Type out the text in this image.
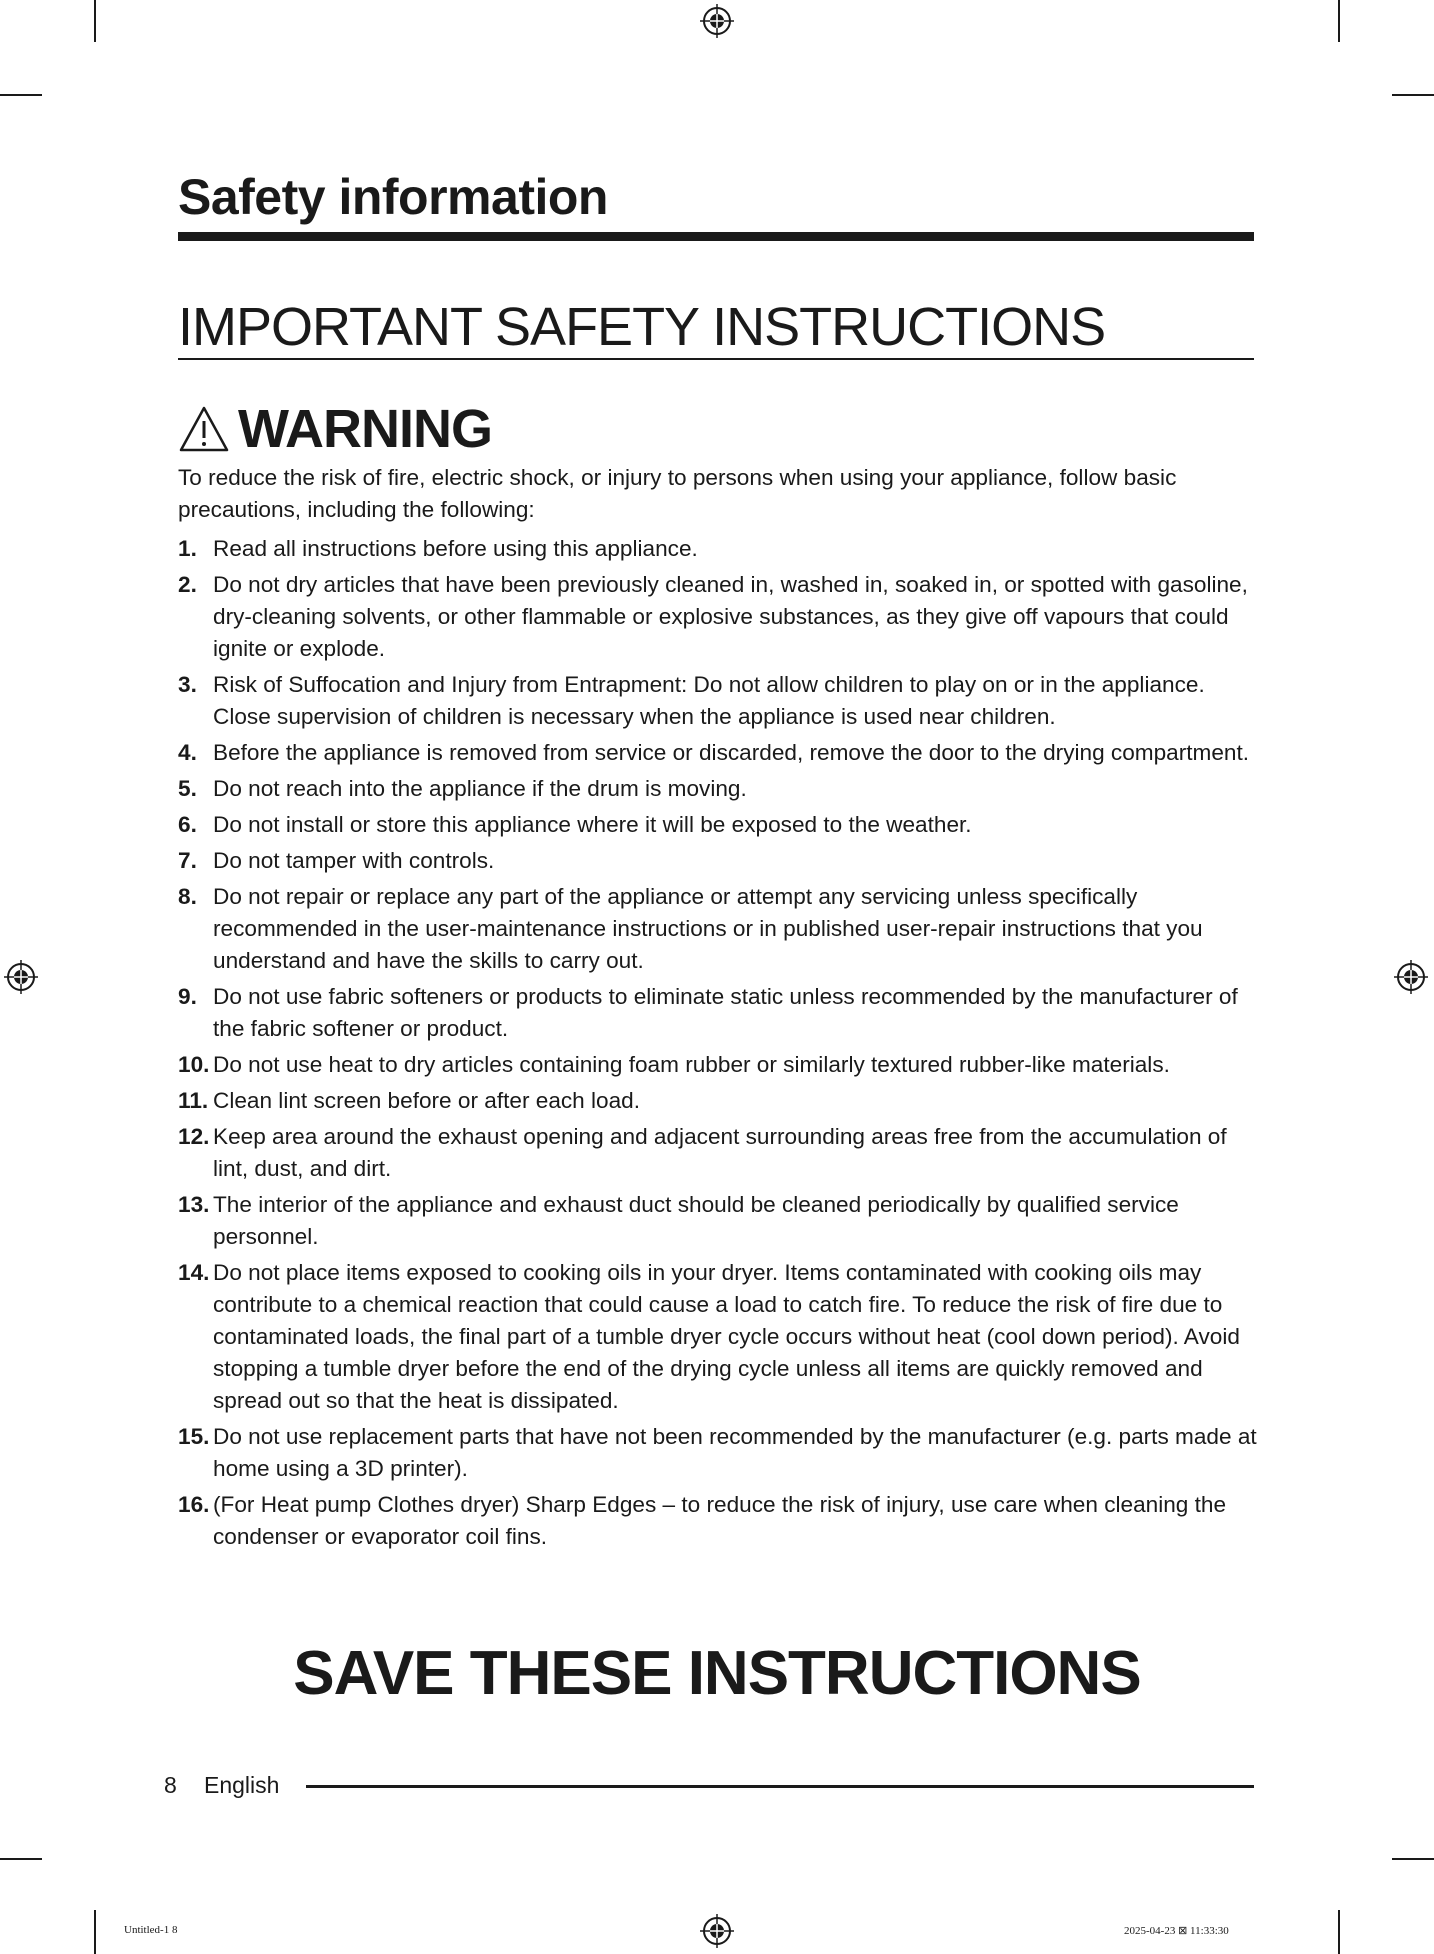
Safety information
IMPORTANT SAFETY INSTRUCTIONS
WARNING
To reduce the risk of fire, electric shock, or injury to persons when using your appliance, follow basic precautions, including the following:
1. Read all instructions before using this appliance.
2. Do not dry articles that have been previously cleaned in, washed in, soaked in, or spotted with gasoline, dry-cleaning solvents, or other flammable or explosive substances, as they give off vapours that could ignite or explode.
3. Risk of Suffocation and Injury from Entrapment: Do not allow children to play on or in the appliance. Close supervision of children is necessary when the appliance is used near children.
4. Before the appliance is removed from service or discarded, remove the door to the drying compartment.
5. Do not reach into the appliance if the drum is moving.
6. Do not install or store this appliance where it will be exposed to the weather.
7. Do not tamper with controls.
8. Do not repair or replace any part of the appliance or attempt any servicing unless specifically recommended in the user-maintenance instructions or in published user-repair instructions that you understand and have the skills to carry out.
9. Do not use fabric softeners or products to eliminate static unless recommended by the manufacturer of the fabric softener or product.
10. Do not use heat to dry articles containing foam rubber or similarly textured rubber-like materials.
11. Clean lint screen before or after each load.
12. Keep area around the exhaust opening and adjacent surrounding areas free from the accumulation of lint, dust, and dirt.
13. The interior of the appliance and exhaust duct should be cleaned periodically by qualified service personnel.
14. Do not place items exposed to cooking oils in your dryer. Items contaminated with cooking oils may contribute to a chemical reaction that could cause a load to catch fire. To reduce the risk of fire due to contaminated loads, the final part of a tumble dryer cycle occurs without heat (cool down period). Avoid stopping a tumble dryer before the end of the drying cycle unless all items are quickly removed and spread out so that the heat is dissipated.
15. Do not use replacement parts that have not been recommended by the manufacturer (e.g. parts made at home using a 3D printer).
16. (For Heat pump Clothes dryer) Sharp Edges – to reduce the risk of injury, use care when cleaning the condenser or evaporator coil fins.
SAVE THESE INSTRUCTIONS
8 English
Untitled-1 8	2025-04-23 ⊠ 11:33:30
